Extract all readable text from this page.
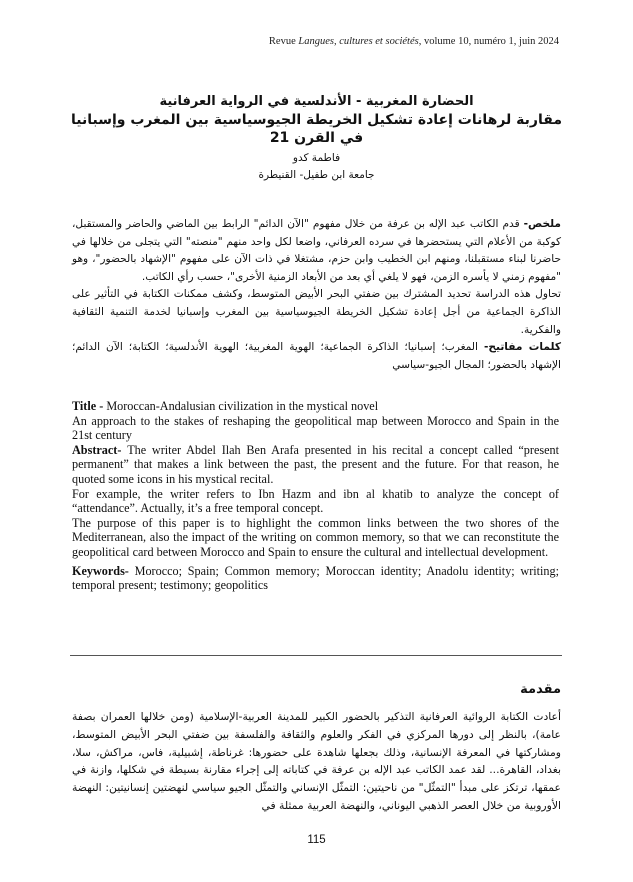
Revue Langues, cultures et sociétés, volume 10, numéro 1, juin 2024
الحضارة المغربية - الأندلسية في الرواية العرفانية
مقاربة لرهانات إعادة تشكيل الخريطة الجيوسياسية بين المغرب وإسبانيا في القرن 21
فاطمة كدو
جامعة ابن طفيل- القنيطرة

ملخص- قدم الكاتب عبد الإله بن عرفة من خلال مفهوم "الآن الدائم" الرابط بين الماضي والحاضر والمستقبل، كوكبة من الأعلام التي يستحضرها في سرده العرفاني، واضعا لكل واحد منهم "منصته" التي يتجلى من خلالها في حاضرنا لبناء مستقبلنا، ومنهم ابن الخطيب وابن حزم، مشتغلا في ذات الآن على مفهوم "الإشهاد بالحضور"، وهو "مفهوم زمني لا يأسره الزمن، فهو لا يلغي أي بعد من الأبعاد الزمنية الأخرى"، حسب رأي الكاتب.

تحاول هذه الدراسة تحديد المشترك بين ضفتي البحر الأبيض المتوسط، وكشف ممكنات الكتابة في التأثير على الذاكرة الجماعية من أجل إعادة تشكيل الخريطة الجيوسياسية بين المغرب وإسبانيا لخدمة التنمية الثقافية والفكرية.

كلمات مفاتيح- المغرب؛ إسبانيا؛ الذاكرة الجماعية؛ الهوية المغربية؛ الهوية الأندلسية؛ الكتابة؛ الآن الدائم؛ الإشهاد بالحضور؛ المجال الجيو-سياسي

Title - Moroccan-Andalusian civilization in the mystical novel

An approach to the stakes of reshaping the geopolitical map between Morocco and Spain in the 21st century

Abstract- The writer Abdel Ilah Ben Arafa presented in his recital a concept called “present permanent” that makes a link between the past, the present and the future. For that reason, he quoted some icons in his mystical recital.

For example, the writer refers to Ibn Hazm and ibn al khatib to analyze the concept of “attendance”. Actually, it’s a free temporal concept.

The purpose of this paper is to highlight the common links between the two shores of the Mediterranean, also the impact of the writing on common memory, so that we can reconstitute the geopolitical card between Morocco and Spain to ensure the cultural and intellectual development.

Keywords- Morocco; Spain; Common memory; Moroccan identity; Anadolu identity; writing; temporal present; testimony; geopolitics

مقدمة
أعادت الكتابة الروائية العرفانية التذكير بالحضور الكبير للمدينة العربية-الإسلامية (ومن خلالها العمران بصفة عامة)، بالنظر إلى دورها المركزي في الفكر والعلوم والثقافة والفلسفة بين ضفتي البحر الأبيض المتوسط، ومشاركتها في المعرفة الإنسانية، وذلك بجعلها شاهدة على حضورها: غرناطة، إشبيلية، فاس، مراكش، سلا، بغداد، القاهرة... لقد عمد الكاتب عبد الإله بن عرفة في كتاباته إلى إجراء مقارنة بسيطة في شكلها، وازنة في عمقها، ترتكز على مبدأ "التمثّل" من ناحيتين: التمثّل الإنساني والتمثّل الجيو سياسي لنهضتين إنسانيتين: النهضة الأوروبية من خلال العصر الذهبي اليوناني، والنهضة العربية ممثلة في
115
